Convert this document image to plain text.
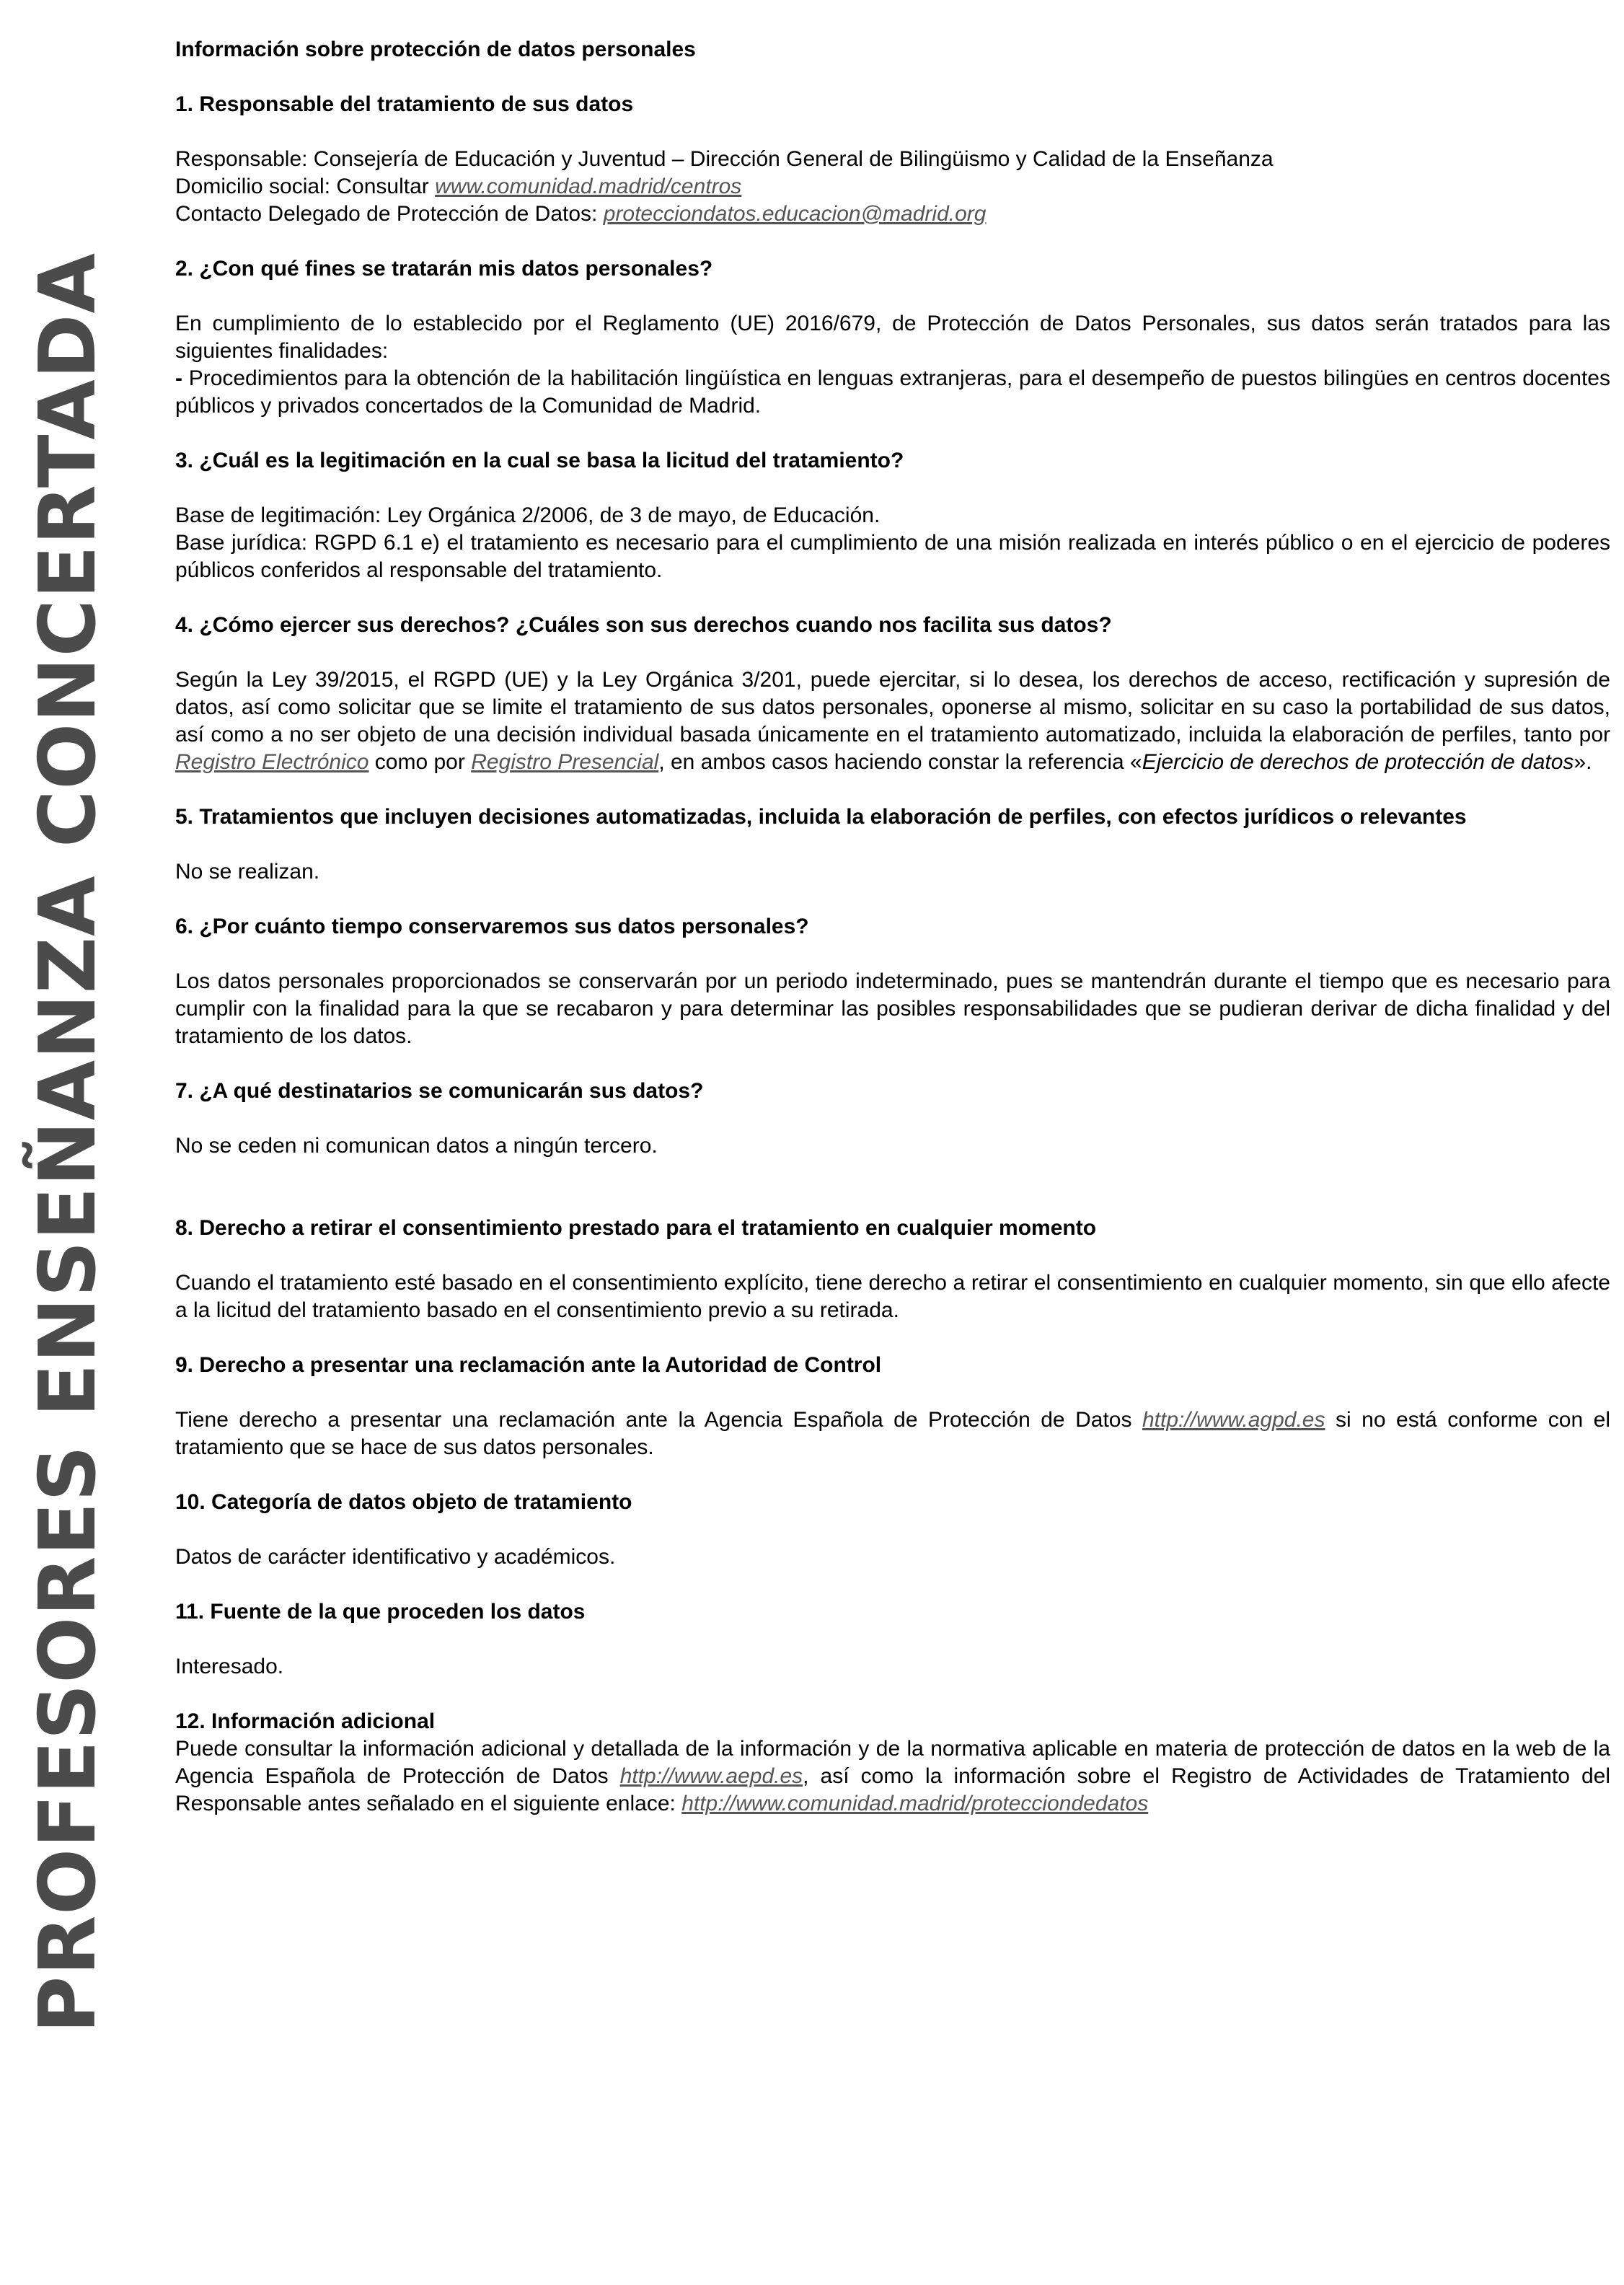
PROFESORES ENSEÑANZA CONCERTADA
Información sobre protección de datos personales
1. Responsable del tratamiento de sus datos

Responsable: Consejería de Educación y Juventud – Dirección General de Bilingüismo y Calidad de la Enseñanza

Domicilio social: Consultar www.comunidad.madrid/centros

Contacto Delegado de Protección de Datos: protecciondatos.educacion@madrid.org

2. ¿Con qué fines se tratarán mis datos personales?

En cumplimiento de lo establecido por el Reglamento (UE) 2016/679, de Protección de Datos Personales, sus datos serán tratados para las siguientes finalidades:

- Procedimientos para la obtención de la habilitación lingüística en lenguas extranjeras, para el desempeño de puestos bilingües en centros docentes públicos y privados concertados de la Comunidad de Madrid.

3. ¿Cuál es la legitimación en la cual se basa la licitud del tratamiento?

Base de legitimación: Ley Orgánica 2/2006, de 3 de mayo, de Educación.

Base jurídica: RGPD 6.1 e) el tratamiento es necesario para el cumplimiento de una misión realizada en interés público o en el ejercicio de poderes públicos conferidos al responsable del tratamiento.

4. ¿Cómo ejercer sus derechos? ¿Cuáles son sus derechos cuando nos facilita sus datos?

Según la Ley 39/2015, el RGPD (UE) y la Ley Orgánica 3/201, puede ejercitar, si lo desea, los derechos de acceso, rectificación y supresión de datos, así como solicitar que se limite el tratamiento de sus datos personales, oponerse al mismo, solicitar en su caso la portabilidad de sus datos, así como a no ser objeto de una decisión individual basada únicamente en el tratamiento automatizado, incluida la elaboración de perfiles, tanto por Registro Electrónico como por Registro Presencial, en ambos casos haciendo constar la referencia «Ejercicio de derechos de protección de datos».

5. Tratamientos que incluyen decisiones automatizadas, incluida la elaboración de perfiles, con efectos jurídicos o relevantes

No se realizan.

6. ¿Por cuánto tiempo conservaremos sus datos personales?

Los datos personales proporcionados se conservarán por un periodo indeterminado, pues se mantendrán durante el tiempo que es necesario para cumplir con la finalidad para la que se recabaron y para determinar las posibles responsabilidades que se pudieran derivar de dicha finalidad y del tratamiento de los datos.

7. ¿A qué destinatarios se comunicarán sus datos?

No se ceden ni comunican datos a ningún tercero.

8. Derecho a retirar el consentimiento prestado para el tratamiento en cualquier momento

Cuando el tratamiento esté basado en el consentimiento explícito, tiene derecho a retirar el consentimiento en cualquier momento, sin que ello afecte a la licitud del tratamiento basado en el consentimiento previo a su retirada.

9. Derecho a presentar una reclamación ante la Autoridad de Control

Tiene derecho a presentar una reclamación ante la Agencia Española de Protección de Datos http://www.agpd.es si no está conforme con el tratamiento que se hace de sus datos personales.

10. Categoría de datos objeto de tratamiento

Datos de carácter identificativo y académicos.

11. Fuente de la que proceden los datos

Interesado.

12. Información adicional

Puede consultar la información adicional y detallada de la información y de la normativa aplicable en materia de protección de datos en la web de la Agencia Española de Protección de Datos http://www.aepd.es, así como la información sobre el Registro de Actividades de Tratamiento del Responsable antes señalado en el siguiente enlace: http://www.comunidad.madrid/protecciondedatos
